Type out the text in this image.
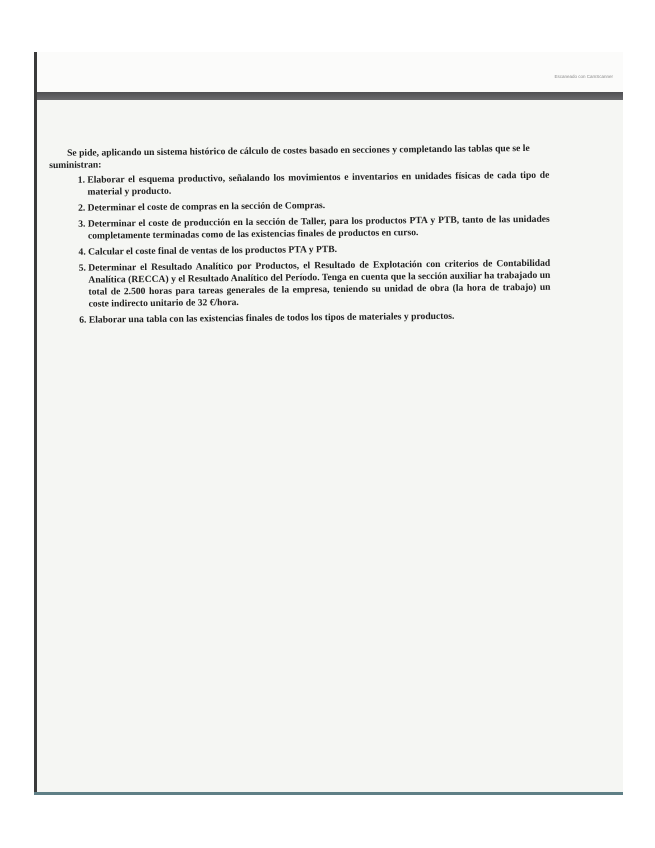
Escaneado con CamScanner

Se pide, aplicando un sistema histórico de cálculo de costes basado en secciones y completando las tablas que se le suministran:

1. Elaborar el esquema productivo, señalando los movimientos e inventarios en unidades físicas de cada tipo de material y producto.
2. Determinar el coste de compras en la sección de Compras.
3. Determinar el coste de producción en la sección de Taller, para los productos PTA y PTB, tanto de las unidades completamente terminadas como de las existencias finales de productos en curso.
4. Calcular el coste final de ventas de los productos PTA y PTB.
5. Determinar el Resultado Analítico por Productos, el Resultado de Explotación con criterios de Contabilidad Analítica (RECCA) y el Resultado Analítico del Período. Tenga en cuenta que la sección auxiliar ha trabajado un total de 2.500 horas para tareas generales de la empresa, teniendo su unidad de obra (la hora de trabajo) un coste indirecto unitario de 32 €/hora.
6. Elaborar una tabla con las existencias finales de todos los tipos de materiales y productos.
